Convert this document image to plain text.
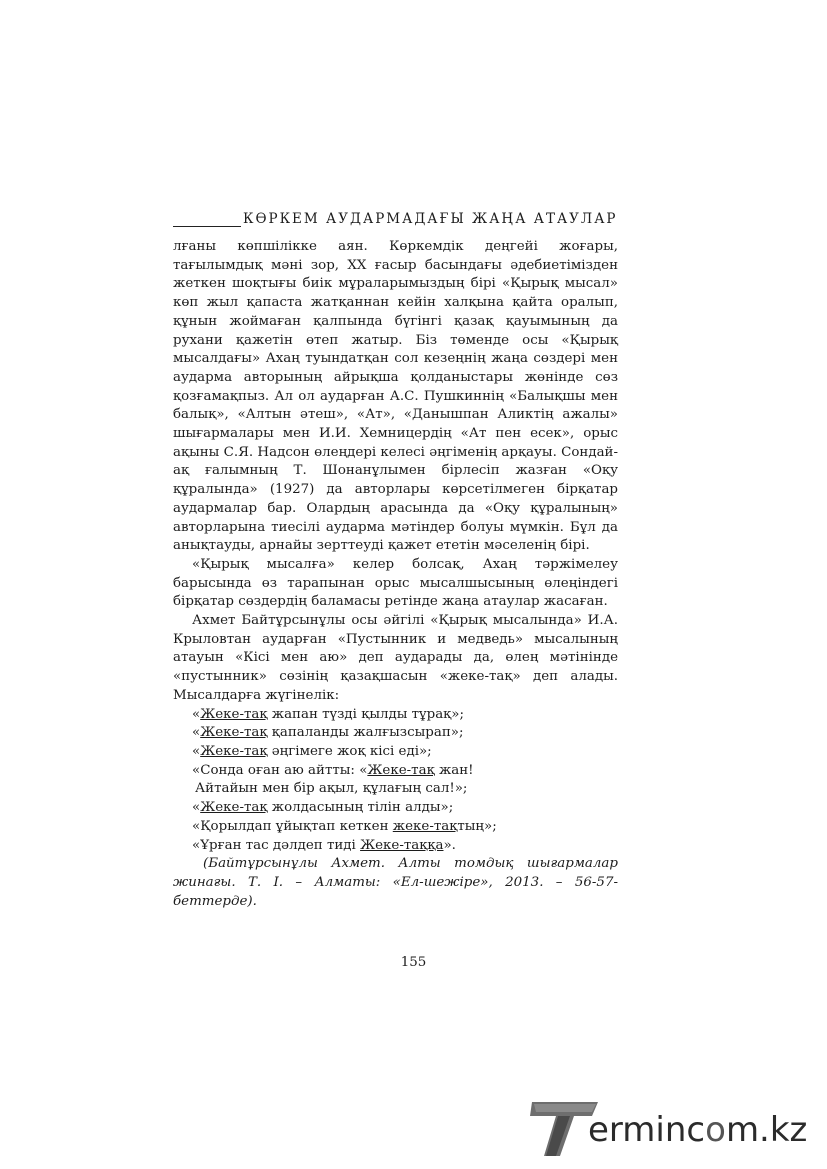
КӨРКЕМ АУДАРМАДАҒЫ ЖАҢА АТАУЛАР

лғаны көпшілікке аян. Көркемдік деңгейі жоғары, тағылымдық мәні зор, XX ғасыр басындағы әдебиетімізден жеткен шоқтығы биік мұраларымыздың бірі «Қырық мысал» көп жыл қапаста жатқаннан кейін халқына қайта оралып, құнын жоймаған қалпында бүгінгі қазақ қауымының да рухани қажетін өтеп жатыр. Біз төменде осы «Қырық мысалдағы» Ахаң туындатқан сол кезеңнің жаңа сөздері мен аударма авторының айрықша қолданыстары жөнінде сөз қозғамақпыз. Ал ол аударған А.С. Пушкиннің «Балықшы мен балық», «Алтын әтеш», «Ат», «Данышпан Аликтің ажалы» шығармалары мен И.И. Хемницердің «Ат пен есек», орыс ақыны С.Я. Надсон өлеңдері келесі әңгіменің арқауы. Сондай-ақ ғалымның Т. Шонанұлымен бірлесіп жазған «Оқу құралында» (1927) да авторлары көрсетілмеген бірқатар аудармалар бар. Олардың арасында да «Оқу құралының» авторларына тиесілі аударма мәтіндер болуы мүмкін. Бұл да анықтауды, арнайы зерттеуді қажет ететін мәселенің бірі.

«Қырық мысалға» келер болсақ, Ахаң тәржімелеу барысында өз тарапынан орыс мысалшысының өлеңіндегі бірқатар сөздердің баламасы ретінде жаңа атаулар жасаған.

Ахмет Байтұрсынұлы осы әйгілі «Қырық мысалында» И.А. Крыловтан аударған «Пустынник и медведь» мысалының атауын «Кісі мен аю» деп аударады да, өлең мәтінінде «пустынник» сөзінің қазақшасын «жеке-тақ» деп алады. Мысалдарға жүгінелік:

«Жеке-тақ жапан түзді қылды тұрақ»;
«Жеке-тақ қапаланды жалғызсырап»;
«Жеке-тақ әңгімеге жоқ кісі еді»;
«Сонда оған аю айтты: «Жеке-тақ жан!
Айтайын мен бір ақыл, құлағың сал!»;
«Жеке-тақ жолдасының тілін алды»;
«Қорылдап ұйықтап кеткен жеке-тақтың»;
«Ұрған тас дәлдеп тиді Жеке-таққа».

(Байтұрсынұлы Ахмет. Алты томдық шығармалар жинағы. Т. І. – Алматы: «Ел-шежіре», 2013. – 56-57-беттерде).

155
ermincom.kz
